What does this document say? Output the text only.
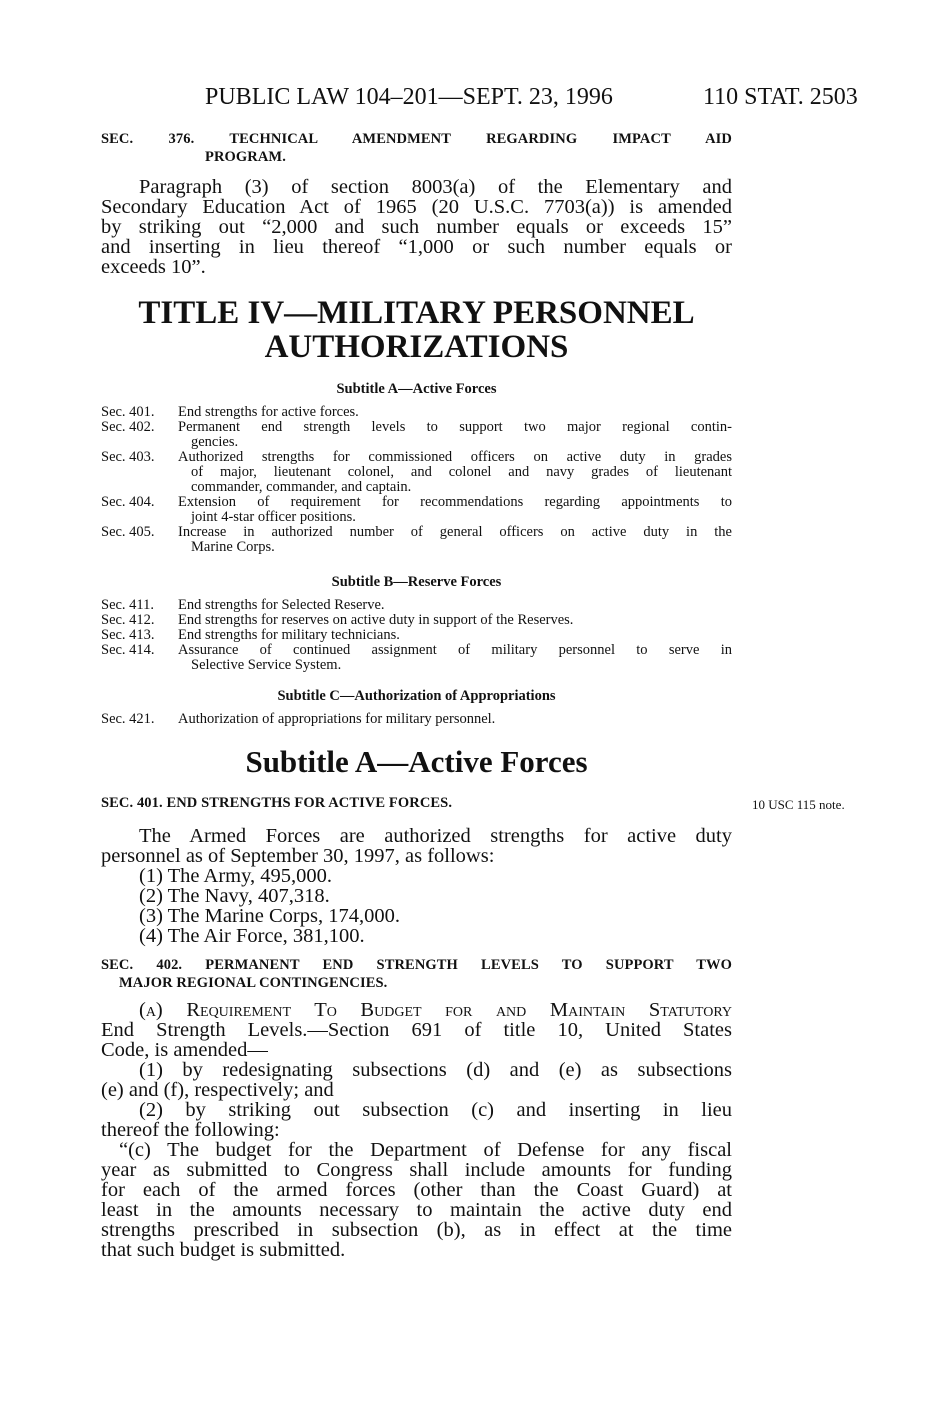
PUBLIC LAW 104–201—SEPT. 23, 1996	110 STAT. 2503
SEC. 376. TECHNICAL AMENDMENT REGARDING IMPACT AID
PROGRAM.
Paragraph (3) of section 8003(a) of the Elementary and
Secondary Education Act of 1965 (20 U.S.C. 7703(a)) is amended
by striking out “2,000 and such number equals or exceeds 15”
and inserting in lieu thereof “1,000 or such number equals or
exceeds 10”.
TITLE IV—MILITARY PERSONNEL
AUTHORIZATIONS
Subtitle A—Active Forces
Sec. 401.	End strengths for active forces.
Sec. 402.	Permanent end strength levels to support two major regional contin-
gencies.
Sec. 403.	Authorized strengths for commissioned officers on active duty in grades
of major, lieutenant colonel, and colonel and navy grades of lieutenant
commander, commander, and captain.
Sec. 404.	Extension of requirement for recommendations regarding appointments to
joint 4-star officer positions.
Sec. 405.	Increase in authorized number of general officers on active duty in the
Marine Corps.
Subtitle B—Reserve Forces
Sec. 411.	End strengths for Selected Reserve.
Sec. 412.	End strengths for reserves on active duty in support of the Reserves.
Sec. 413.	End strengths for military technicians.
Sec. 414.	Assurance of continued assignment of military personnel to serve in
Selective Service System.
Subtitle C—Authorization of Appropriations
Sec. 421.	Authorization of appropriations for military personnel.
Subtitle A—Active Forces
SEC. 401. END STRENGTHS FOR ACTIVE FORCES.	10 USC 115 note.
The Armed Forces are authorized strengths for active duty
personnel as of September 30, 1997, as follows:
(1) The Army, 495,000.
(2) The Navy, 407,318.
(3) The Marine Corps, 174,000.
(4) The Air Force, 381,100.
SEC. 402. PERMANENT END STRENGTH LEVELS TO SUPPORT TWO
MAJOR REGIONAL CONTINGENCIES.
(a) Requirement To Budget for and Maintain Statutory
End Strength Levels.—Section 691 of title 10, United States
Code, is amended—
(1) by redesignating subsections (d) and (e) as subsections
(e) and (f), respectively; and
(2) by striking out subsection (c) and inserting in lieu
thereof the following:
“(c) The budget for the Department of Defense for any fiscal
year as submitted to Congress shall include amounts for funding
for each of the armed forces (other than the Coast Guard) at
least in the amounts necessary to maintain the active duty end
strengths prescribed in subsection (b), as in effect at the time
that such budget is submitted.
